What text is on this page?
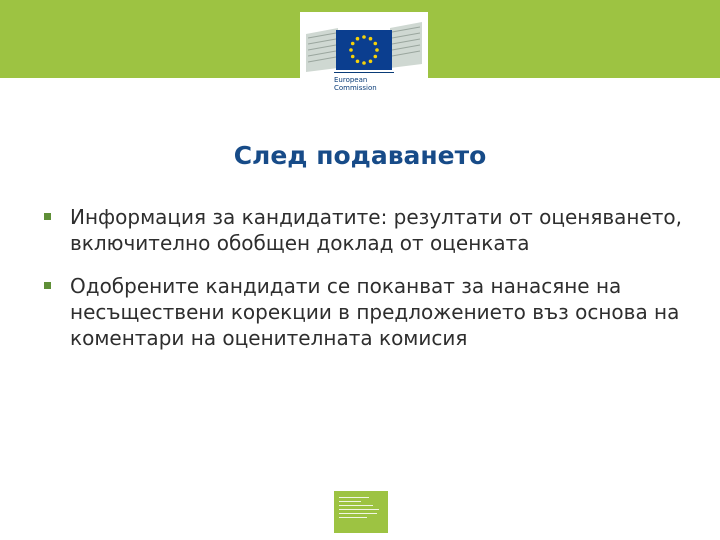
European Commission
След подаването
Информация за кандидатите: резултати от оценяването, включително обобщен доклад от оценката
Одобрените кандидати се поканват за нанасяне на несъществени корекции в предложението въз основа на коментари на оценителната комисия
